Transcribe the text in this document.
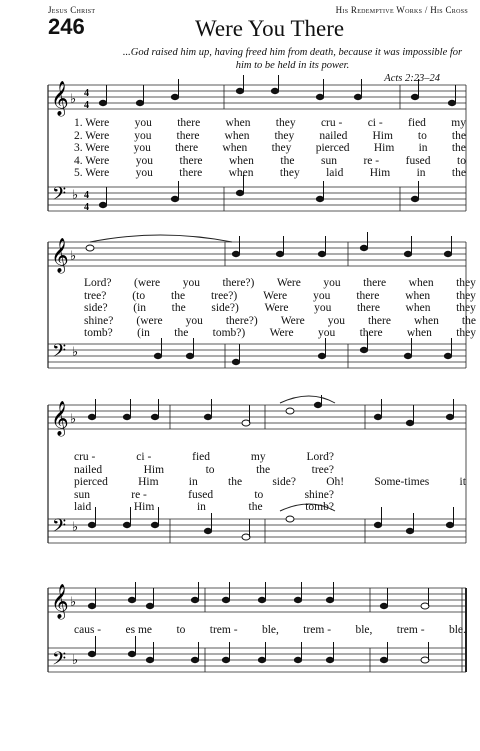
Jesus Christ	His Redemptive Works / His Cross
246	Were You There
...God raised him up, having freed him from death, because it was impossible for him to be held in its power.
Acts 2:23–24
𝄞
𝄢
♭
♭
4
4
4
4
1. Were you there when they cru - ci - fied my
2. Were you there when they nailed Him to the
3. Were you there when they pierced Him in the
4. Were you there when the sun re - fused to
5. Were you there when they laid Him in the
𝄞
𝄢
♭
♭
Lord? (were you there?) Were you there when they
tree? (to the tree?) Were you there when they
side? (in the side?) Were you there when they
shine? (were you there?) Were you there when the
tomb? (in the tomb?) Were you there when they
𝄞
𝄢
♭
♭
cru -	ci -	fied	my	Lord?
nailed	Him	to	the	tree?
pierced	Him	in	the	side?	Oh!	Some-times	it
sun	re -	fused	to	shine?
laid	Him	in	the	tomb?
𝄞
𝄢
♭
♭
caus - es me to trem - ble, trem - ble, trem - ble.
